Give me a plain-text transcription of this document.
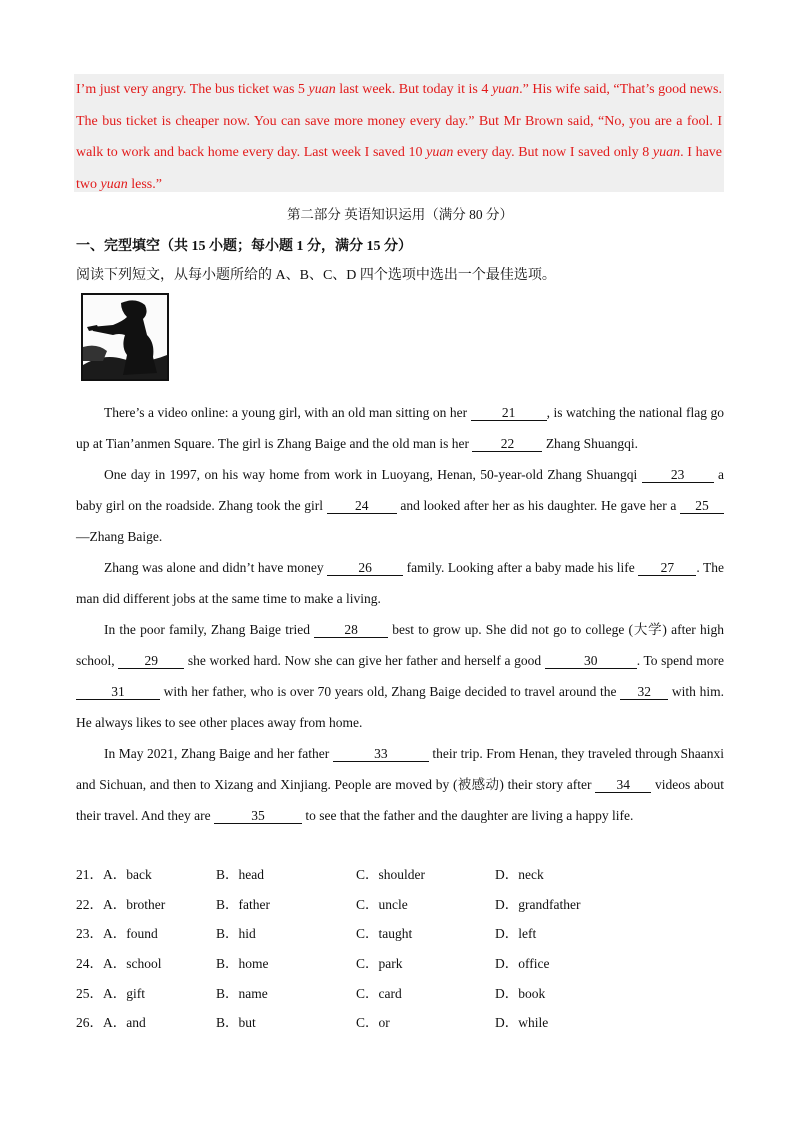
I’m just very angry. The bus ticket was 5 yuan last week. But today it is 4 yuan.” His wife said, “That’s good news. The bus ticket is cheaper now. You can save more money every day.” But Mr Brown said, “No, you are a fool. I walk to work and back home every day. Last week I saved 10 yuan every day. But now I saved only 8 yuan. I have two yuan less.”

第二部分 英语知识运用（满分 80 分）
一、完型填空（共 15 小题；每小题 1 分，满分 15 分）
阅读下列短文，从每小题所给的 A、B、C、D 四个选项中选出一个最佳选项。

There’s a video online: a young girl, with an old man sitting on her 21 , is watching the national flag go up at Tian’anmen Square. The girl is Zhang Baige and the old man is her 22 Zhang Shuangqi.

One day in 1997, on his way home from work in Luoyang, Henan, 50-year-old Zhang Shuangqi 23 a baby girl on the roadside. Zhang took the girl 24 and looked after her as his daughter. He gave her a 25—Zhang Baige.

Zhang was alone and didn’t have money 26 family. Looking after a baby made his life 27 . The man did different jobs at the same time to make a living.

In the poor family, Zhang Baige tried 28 best to grow up. She did not go to college (大学) after high school, 29 she worked hard. Now she can give her father and herself a good	30	. To spend more 31	with her father, who is over 70 years old, Zhang Baige decided to travel around the 32 with him. He always likes to see other places away from home.

In May 2021, Zhang Baige and her father	33	their trip. From Henan, they traveled through Shaanxi and Sichuan, and then to Xizang and Xinjiang. People are moved by (被感动) their story after 34 videos about their travel. And they are	35	to see that the father and the daughter are living a happy life.

21．A．back	B．head	C．shoulder	D．neck
22．A．brother	B．father	C．uncle	D．grandfather
23．A．found	B．hid	C．taught	D．left
24．A．school	B．home	C．park	D．office
25．A．gift	B．name	C．card	D．book
26．A．and	B．but	C．or	D．while
